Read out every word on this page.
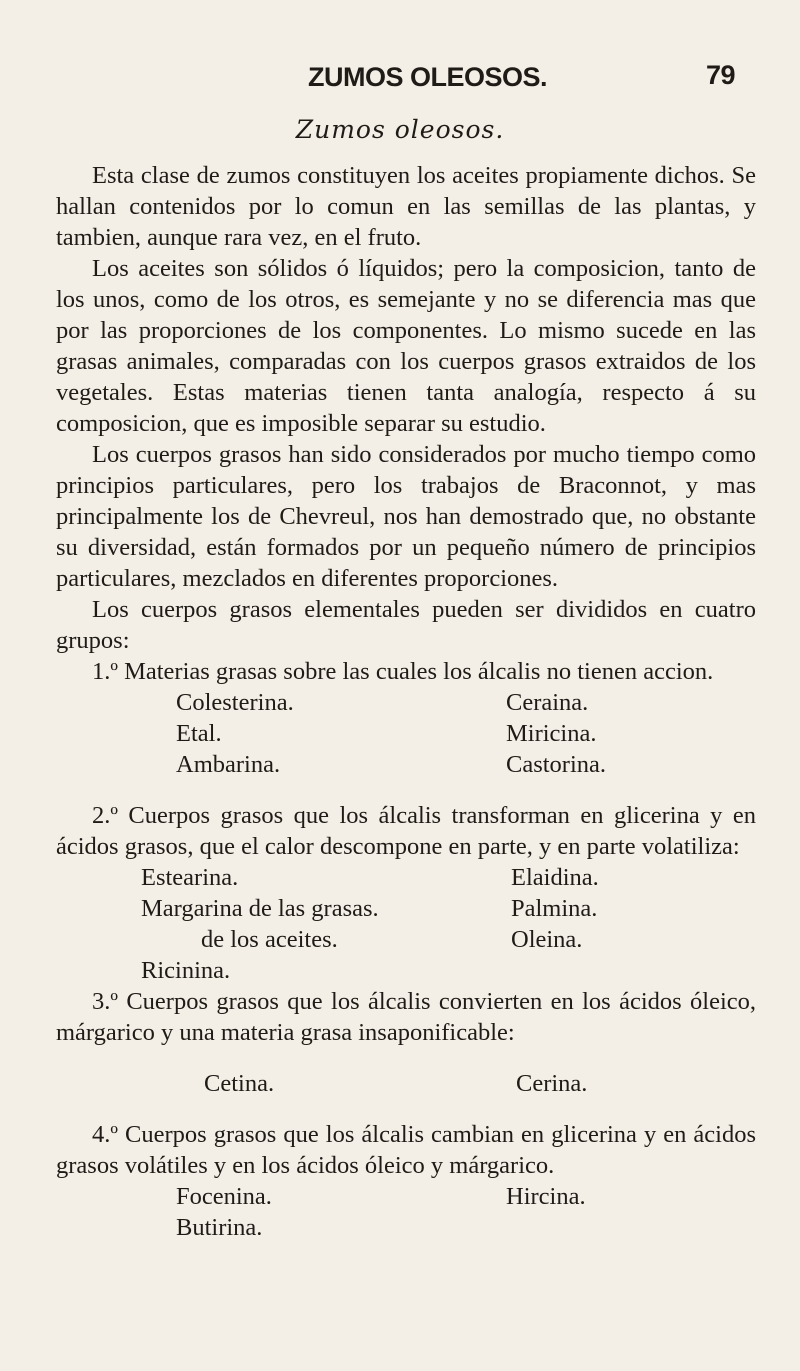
ZUMOS OLEOSOS.	79
Zumos oleosos.

Esta clase de zumos constituyen los aceites propiamente dichos. Se hallan contenidos por lo comun en las semillas de las plantas, y tambien, aunque rara vez, en el fruto.

Los aceites son sólidos ó líquidos; pero la composicion, tanto de los unos, como de los otros, es semejante y no se diferencia mas que por las proporciones de los componentes. Lo mismo sucede en las grasas animales, comparadas con los cuerpos grasos extraidos de los vegetales. Estas materias tienen tanta analogía, respecto á su composicion, que es imposible separar su estudio.

Los cuerpos grasos han sido considerados por mucho tiempo como principios particulares, pero los trabajos de Braconnot, y mas principalmente los de Chevreul, nos han demostrado que, no obstante su diversidad, están formados por un pequeño número de principios particulares, mezclados en diferentes proporciones.

Los cuerpos grasos elementales pueden ser divididos en cuatro grupos:

1.º Materias grasas sobre las cuales los álcalis no tienen accion.

Colesterina.	Ceraina.
Etal.	Miricina.
Ambarina.	Castorina.

2.º Cuerpos grasos que los álcalis transforman en glicerina y en ácidos grasos, que el calor descompone en parte, y en parte volatiliza:

Estearina.	Elaidina.
Margarina de las grasas.	Palmina.
de los aceites.	Oleina.
Ricinina.

3.º Cuerpos grasos que los álcalis convierten en los ácidos óleico, márgarico y una materia grasa insaponificable:

Cetina.	Cerina.

4.º Cuerpos grasos que los álcalis cambian en glicerina y en ácidos grasos volátiles y en los ácidos óleico y márgarico.

Focenina.	Hircina.
Butirina.
